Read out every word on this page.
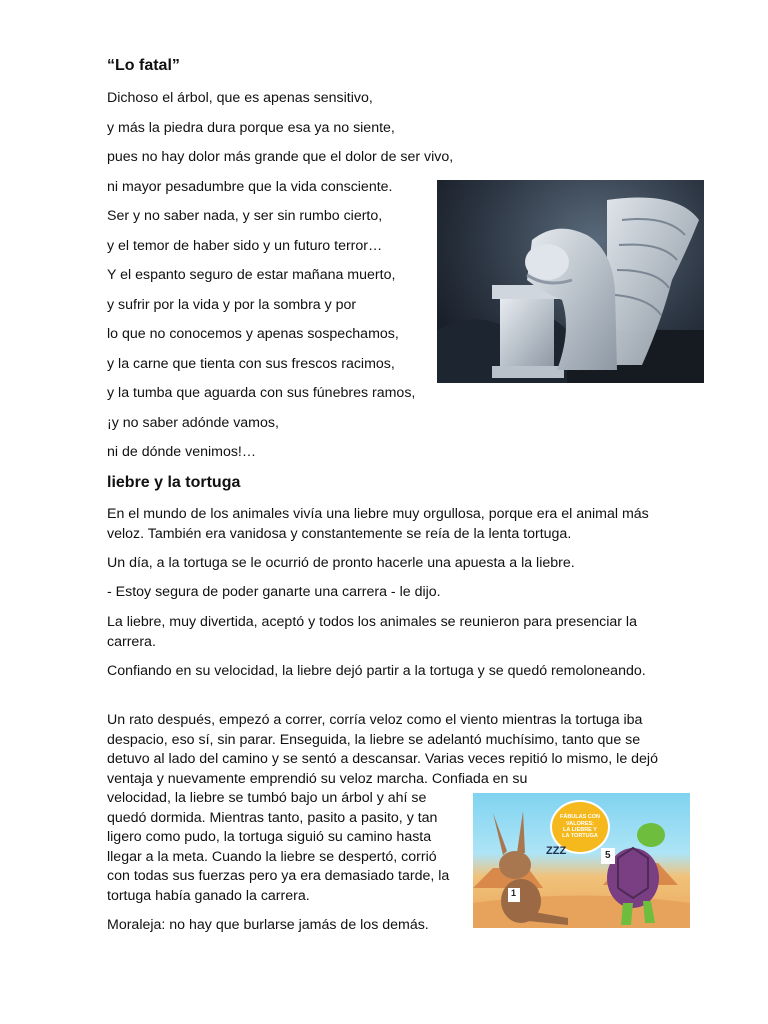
“Lo fatal”

Dichoso el árbol, que es apenas sensitivo,

y más la piedra dura porque esa ya no siente,

pues no hay dolor más grande que el dolor de ser vivo,

ni mayor pesadumbre que la vida consciente.

Ser y no saber nada, y ser sin rumbo cierto,

y el temor de haber sido y un futuro terror…

Y el espanto seguro de estar mañana muerto,

y sufrir por la vida y por la sombra y por

lo que no conocemos y apenas sospechamos,

y la carne que tienta con sus frescos racimos,

y la tumba que aguarda con sus fúnebres ramos,

¡y no saber adónde vamos,

ni de dónde venimos!…

liebre y la tortuga

En el mundo de los animales vivía una liebre muy orgullosa, porque era el animal más veloz. También era vanidosa y constantemente se reía de la lenta tortuga.

Un día, a la tortuga se le ocurrió de pronto hacerle una apuesta a la liebre.

- Estoy segura de poder ganarte una carrera - le dijo.

La liebre, muy divertida, aceptó y todos los animales se reunieron para presenciar la carrera.

Confiando en su velocidad, la liebre dejó partir a la tortuga y se quedó remoloneando.

Un rato después, empezó a correr, corría veloz como el viento mientras la tortuga iba despacio, eso sí, sin parar. Enseguida, la liebre se adelantó muchísimo, tanto que se detuvo al lado del camino y se sentó a descansar. Varias veces repitió lo mismo, le dejó ventaja y nuevamente emprendió su veloz marcha. Confiada en su

velocidad, la liebre se tumbó bajo un árbol y ahí se quedó dormida. Mientras tanto, pasito a pasito, y tan ligero como pudo, la tortuga siguió su camino hasta llegar a la meta. Cuando la liebre se despertó, corrió con todas sus fuerzas pero ya era demasiado tarde, la tortuga había ganado la carrera.

Moraleja: no hay que burlarse jamás de los demás.

FÁBULAS CON
VALORES:
LA LIEBRE Y
LA TORTUGA
ZZZ
1
5
